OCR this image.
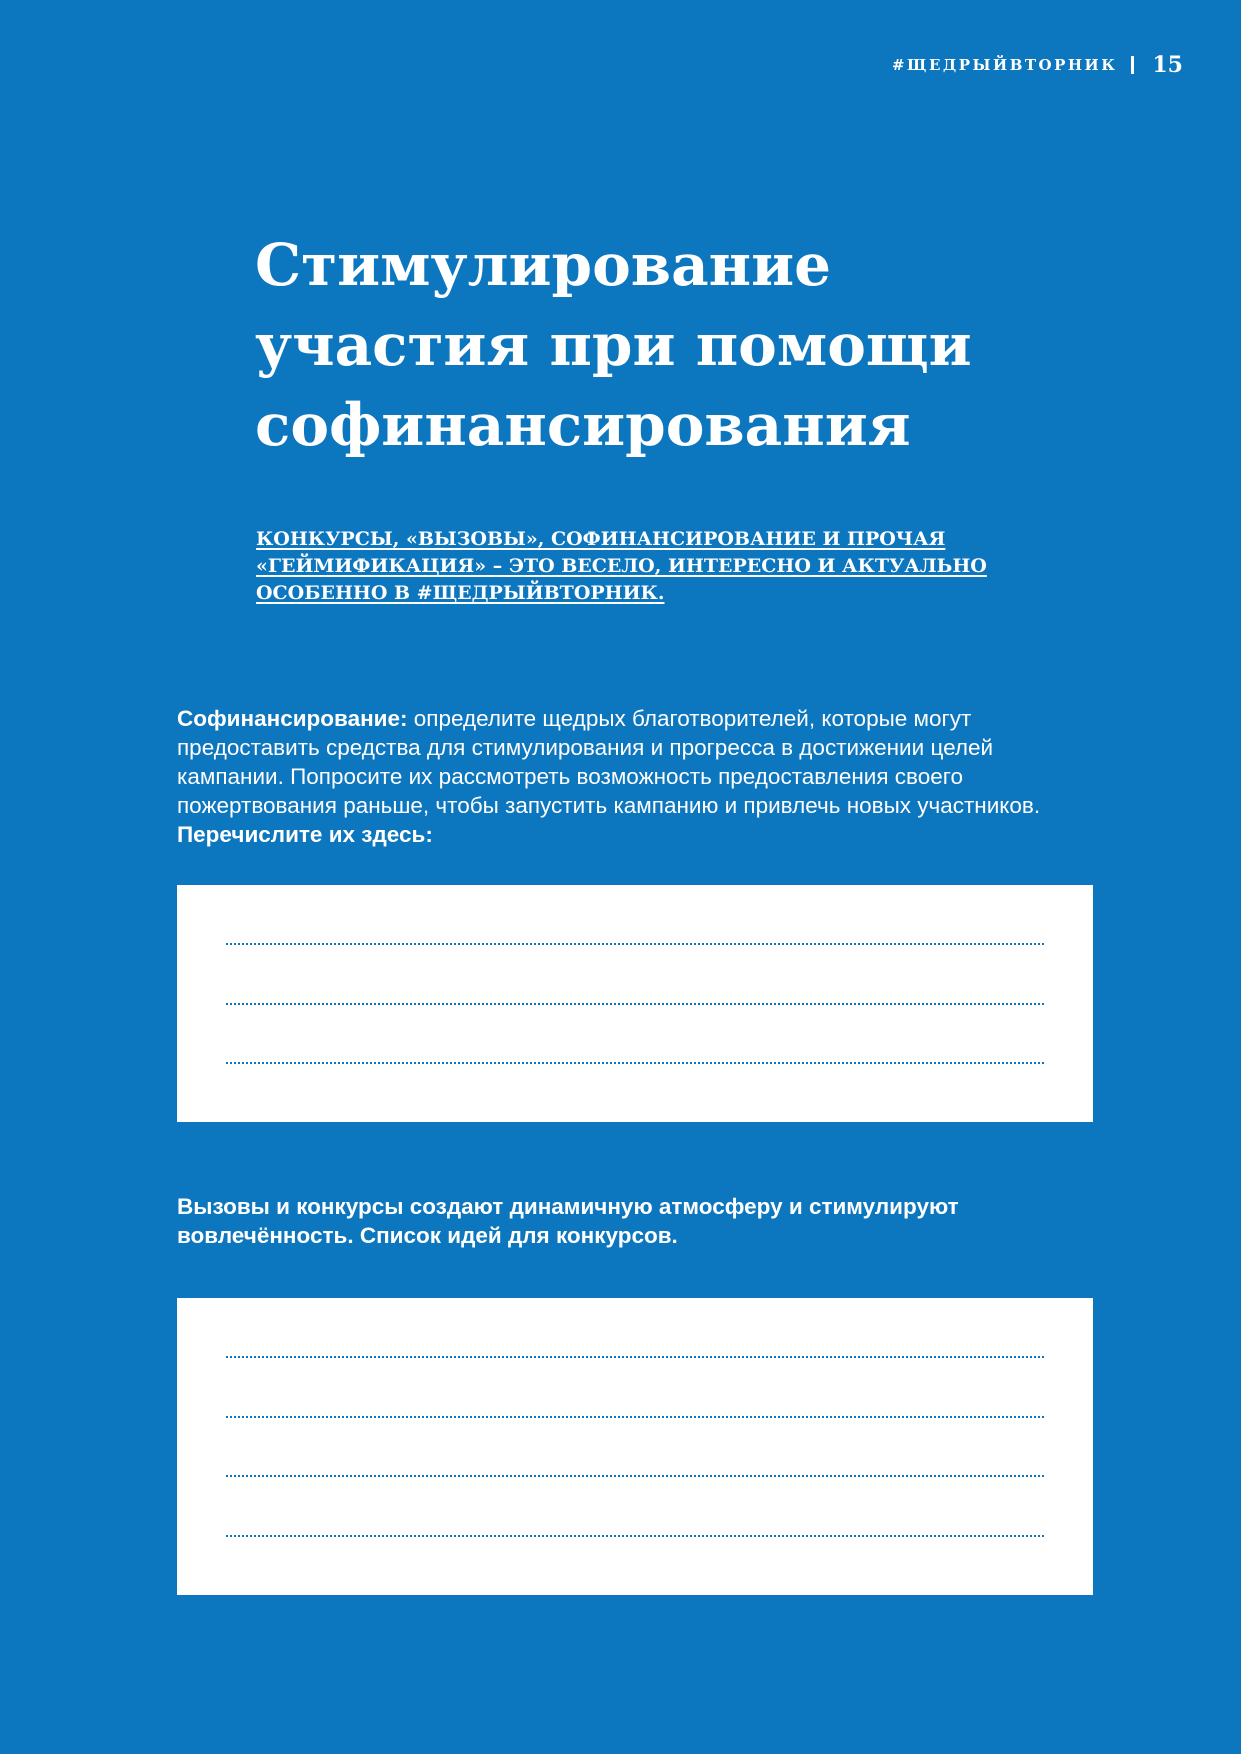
#ЩЕДРЫЙВТОРНИК 15
Стимулирование
участия при помощи
софинансирования

КОНКУРСЫ, «ВЫЗОВЫ», СОФИНАНСИРОВАНИЕ И ПРОЧАЯ
«ГЕЙМИФИКАЦИЯ» – ЭТО ВЕСЕЛО, ИНТЕРЕСНО И АКТУАЛЬНО
ОСОБЕННО В #ЩЕДРЫЙВТОРНИК.

Софинансирование: определите щедрых благотворителей, которые могут предоставить средства для стимулирования и прогресса в достижении целей кампании. Попросите их рассмотреть возможность предоставления своего пожертвования раньше, чтобы запустить кампанию и привлечь новых участников.
Перечислите их здесь:

Вызовы и конкурсы создают динамичную атмосферу и стимулируют вовлечённость. Список идей для конкурсов.
